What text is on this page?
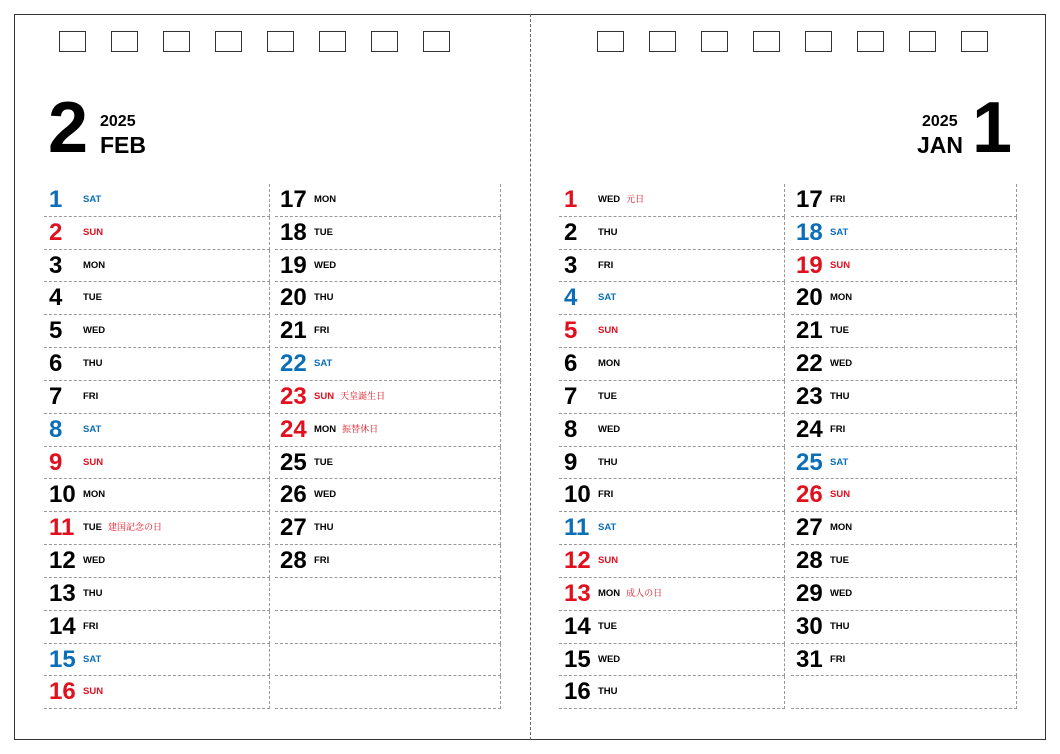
2 2025
FEB
2025
JAN 1
1 SAT
2 SUN
3 MON
4 TUE
5 WED
6 THU
7 FRI
8 SAT
9 SUN
10 MON
11 TUE 建国記念の日
12 WED
13 THU
14 FRI
15 SAT
16 SUN
17 MON
18 TUE
19 WED
20 THU
21 FRI
22 SAT
23 SUN 天皇誕生日
24 MON 振替休日
25 TUE
26 WED
27 THU
28 FRI
1 WED 元日
2 THU
3 FRI
4 SAT
5 SUN
6 MON
7 TUE
8 WED
9 THU
10 FRI
11 SAT
12 SUN
13 MON 成人の日
14 TUE
15 WED
16 THU
17 FRI
18 SAT
19 SUN
20 MON
21 TUE
22 WED
23 THU
24 FRI
25 SAT
26 SUN
27 MON
28 TUE
29 WED
30 THU
31 FRI
